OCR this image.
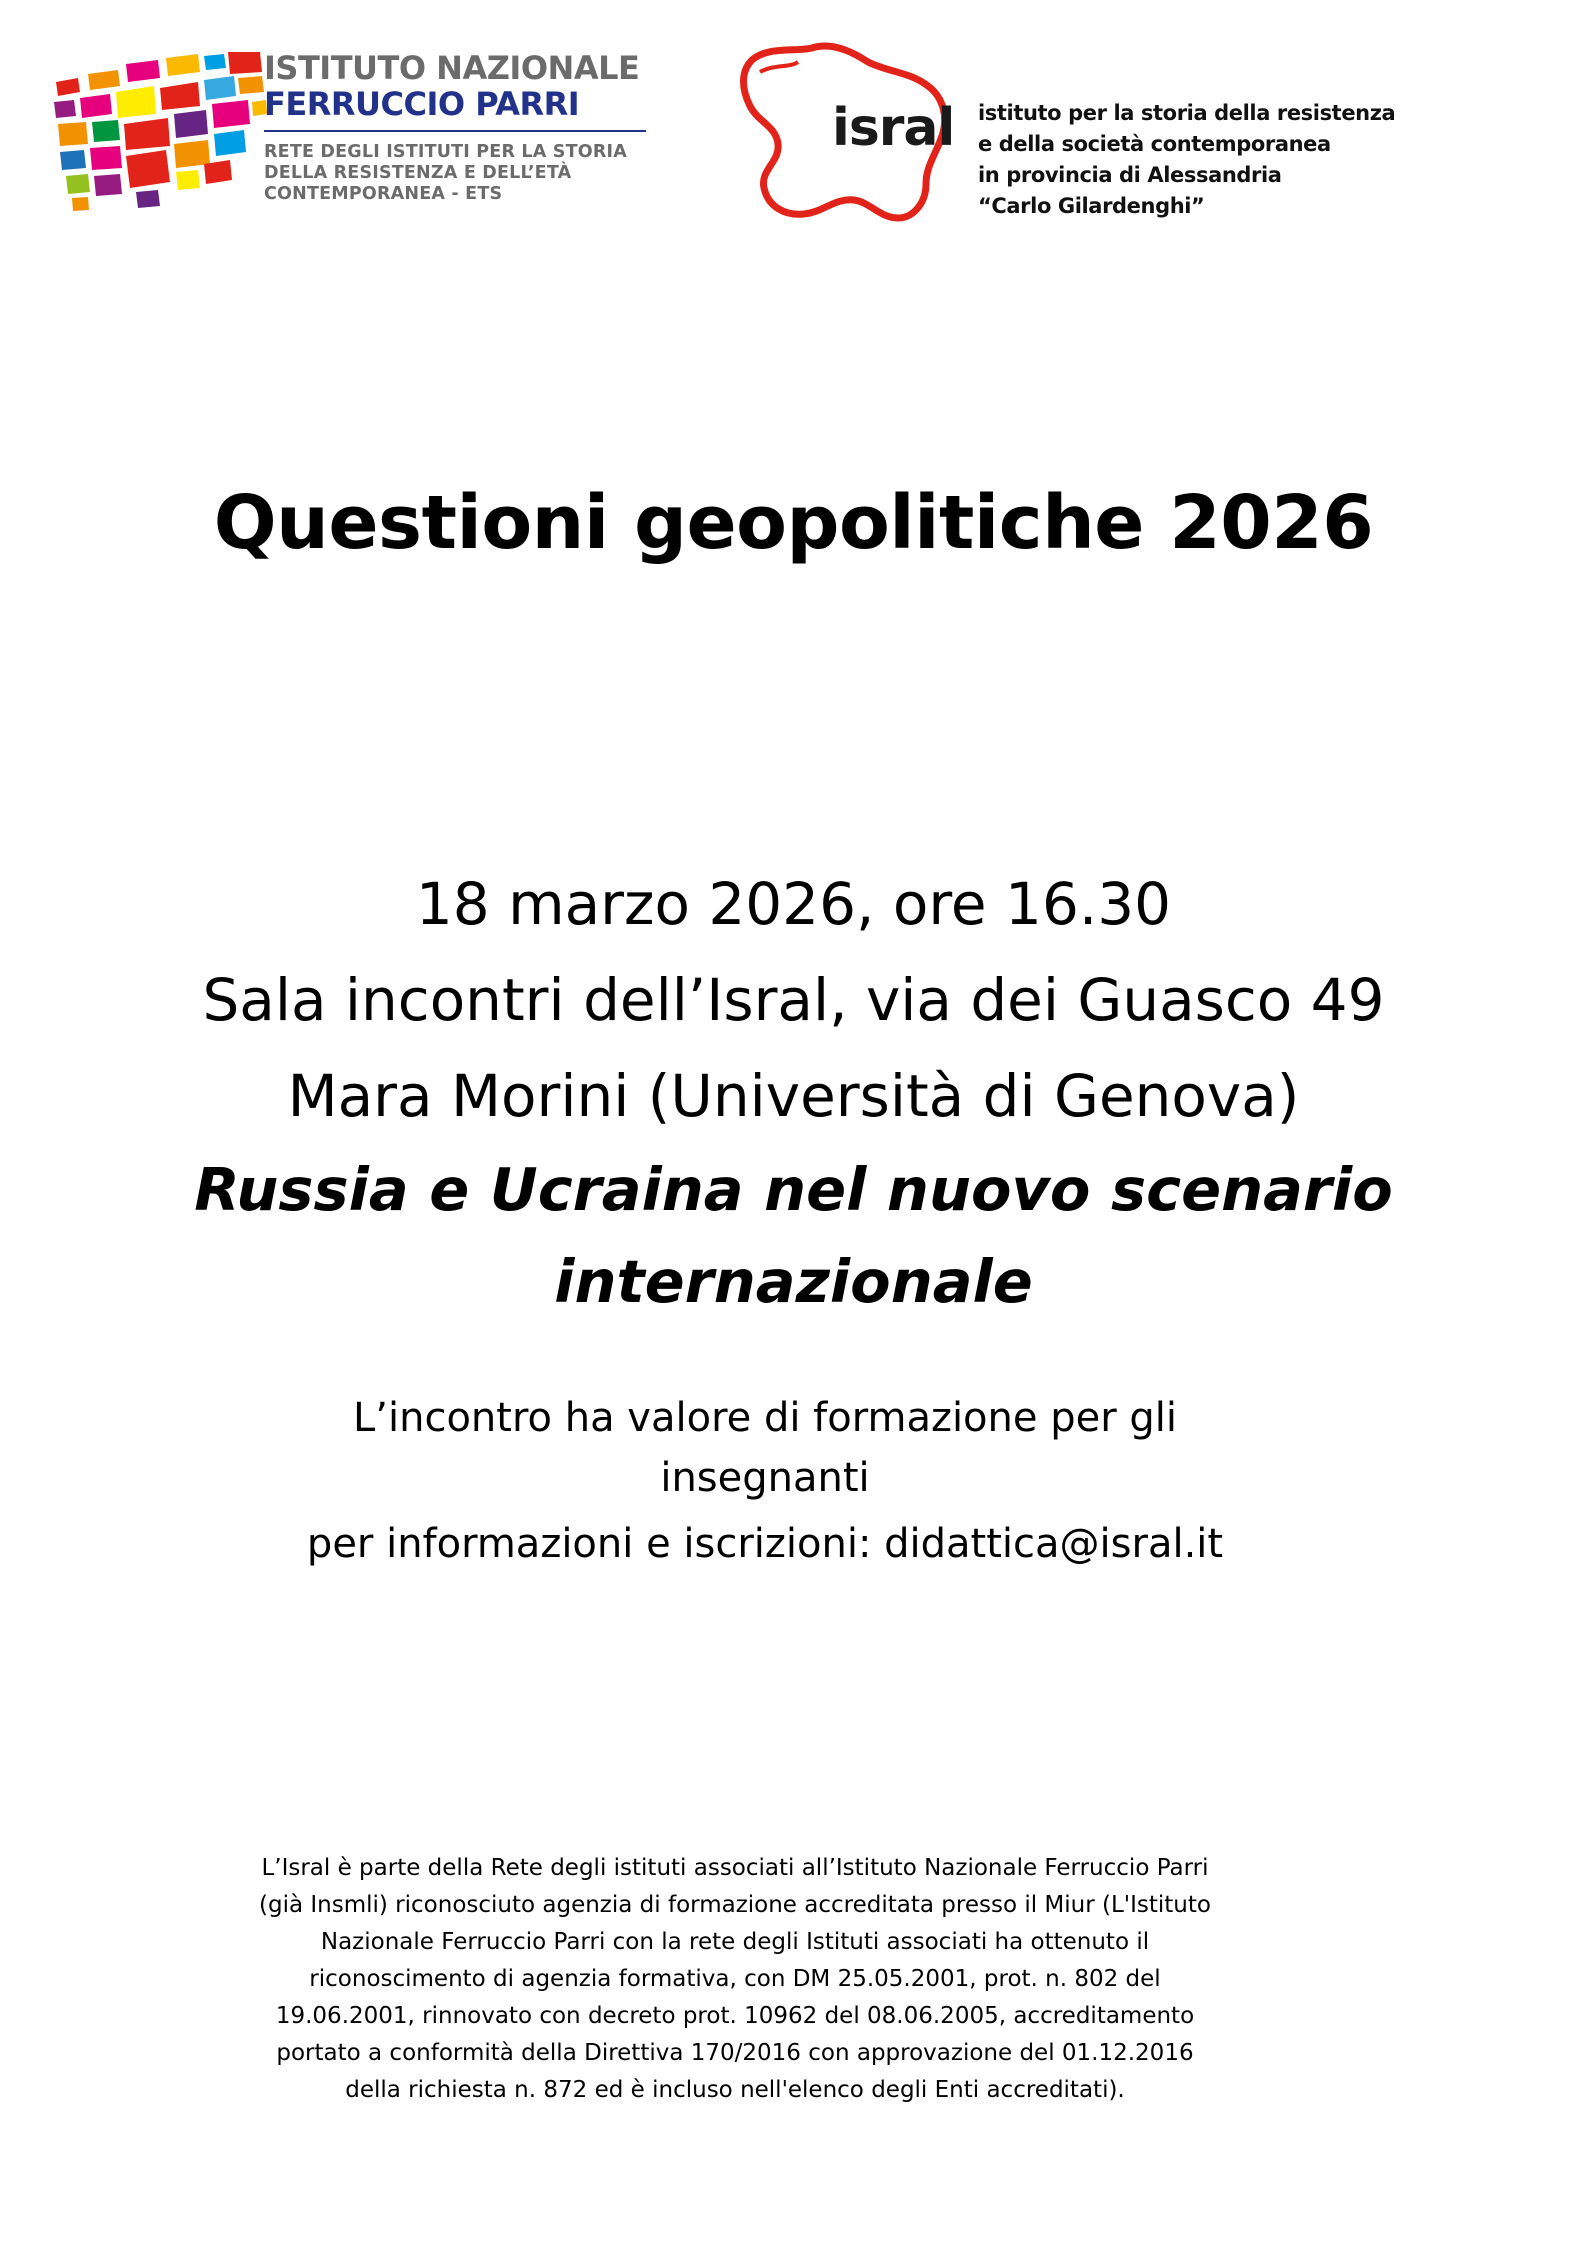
ISTITUTO NAZIONALE
FERRUCCIO PARRI
RETE DEGLI ISTITUTI PER LA STORIA
DELLA RESISTENZA E DELL’ETÀ
CONTEMPORANEA - ETS
isral istituto per la storia della resistenza
e della società contemporanea
in provincia di Alessandria
“Carlo Gilardenghi”
Questioni geopolitiche 2026
18 marzo 2026, ore 16.30
Sala incontri dell’Isral, via dei Guasco 49
Mara Morini (Università di Genova)
Russia e Ucraina nel nuovo scenario
internazionale
L’incontro ha valore di formazione per gli
insegnanti
per informazioni e iscrizioni: didattica@isral.it
L’Isral è parte della Rete degli istituti associati all’Istituto Nazionale Ferruccio Parri
(già Insmli) riconosciuto agenzia di formazione accreditata presso il Miur (L'Istituto
Nazionale Ferruccio Parri con la rete degli Istituti associati ha ottenuto il
riconoscimento di agenzia formativa, con DM 25.05.2001, prot. n. 802 del
19.06.2001, rinnovato con decreto prot. 10962 del 08.06.2005, accreditamento
portato a conformità della Direttiva 170/2016 con approvazione del 01.12.2016
della richiesta n. 872 ed è incluso nell'elenco degli Enti accreditati).
